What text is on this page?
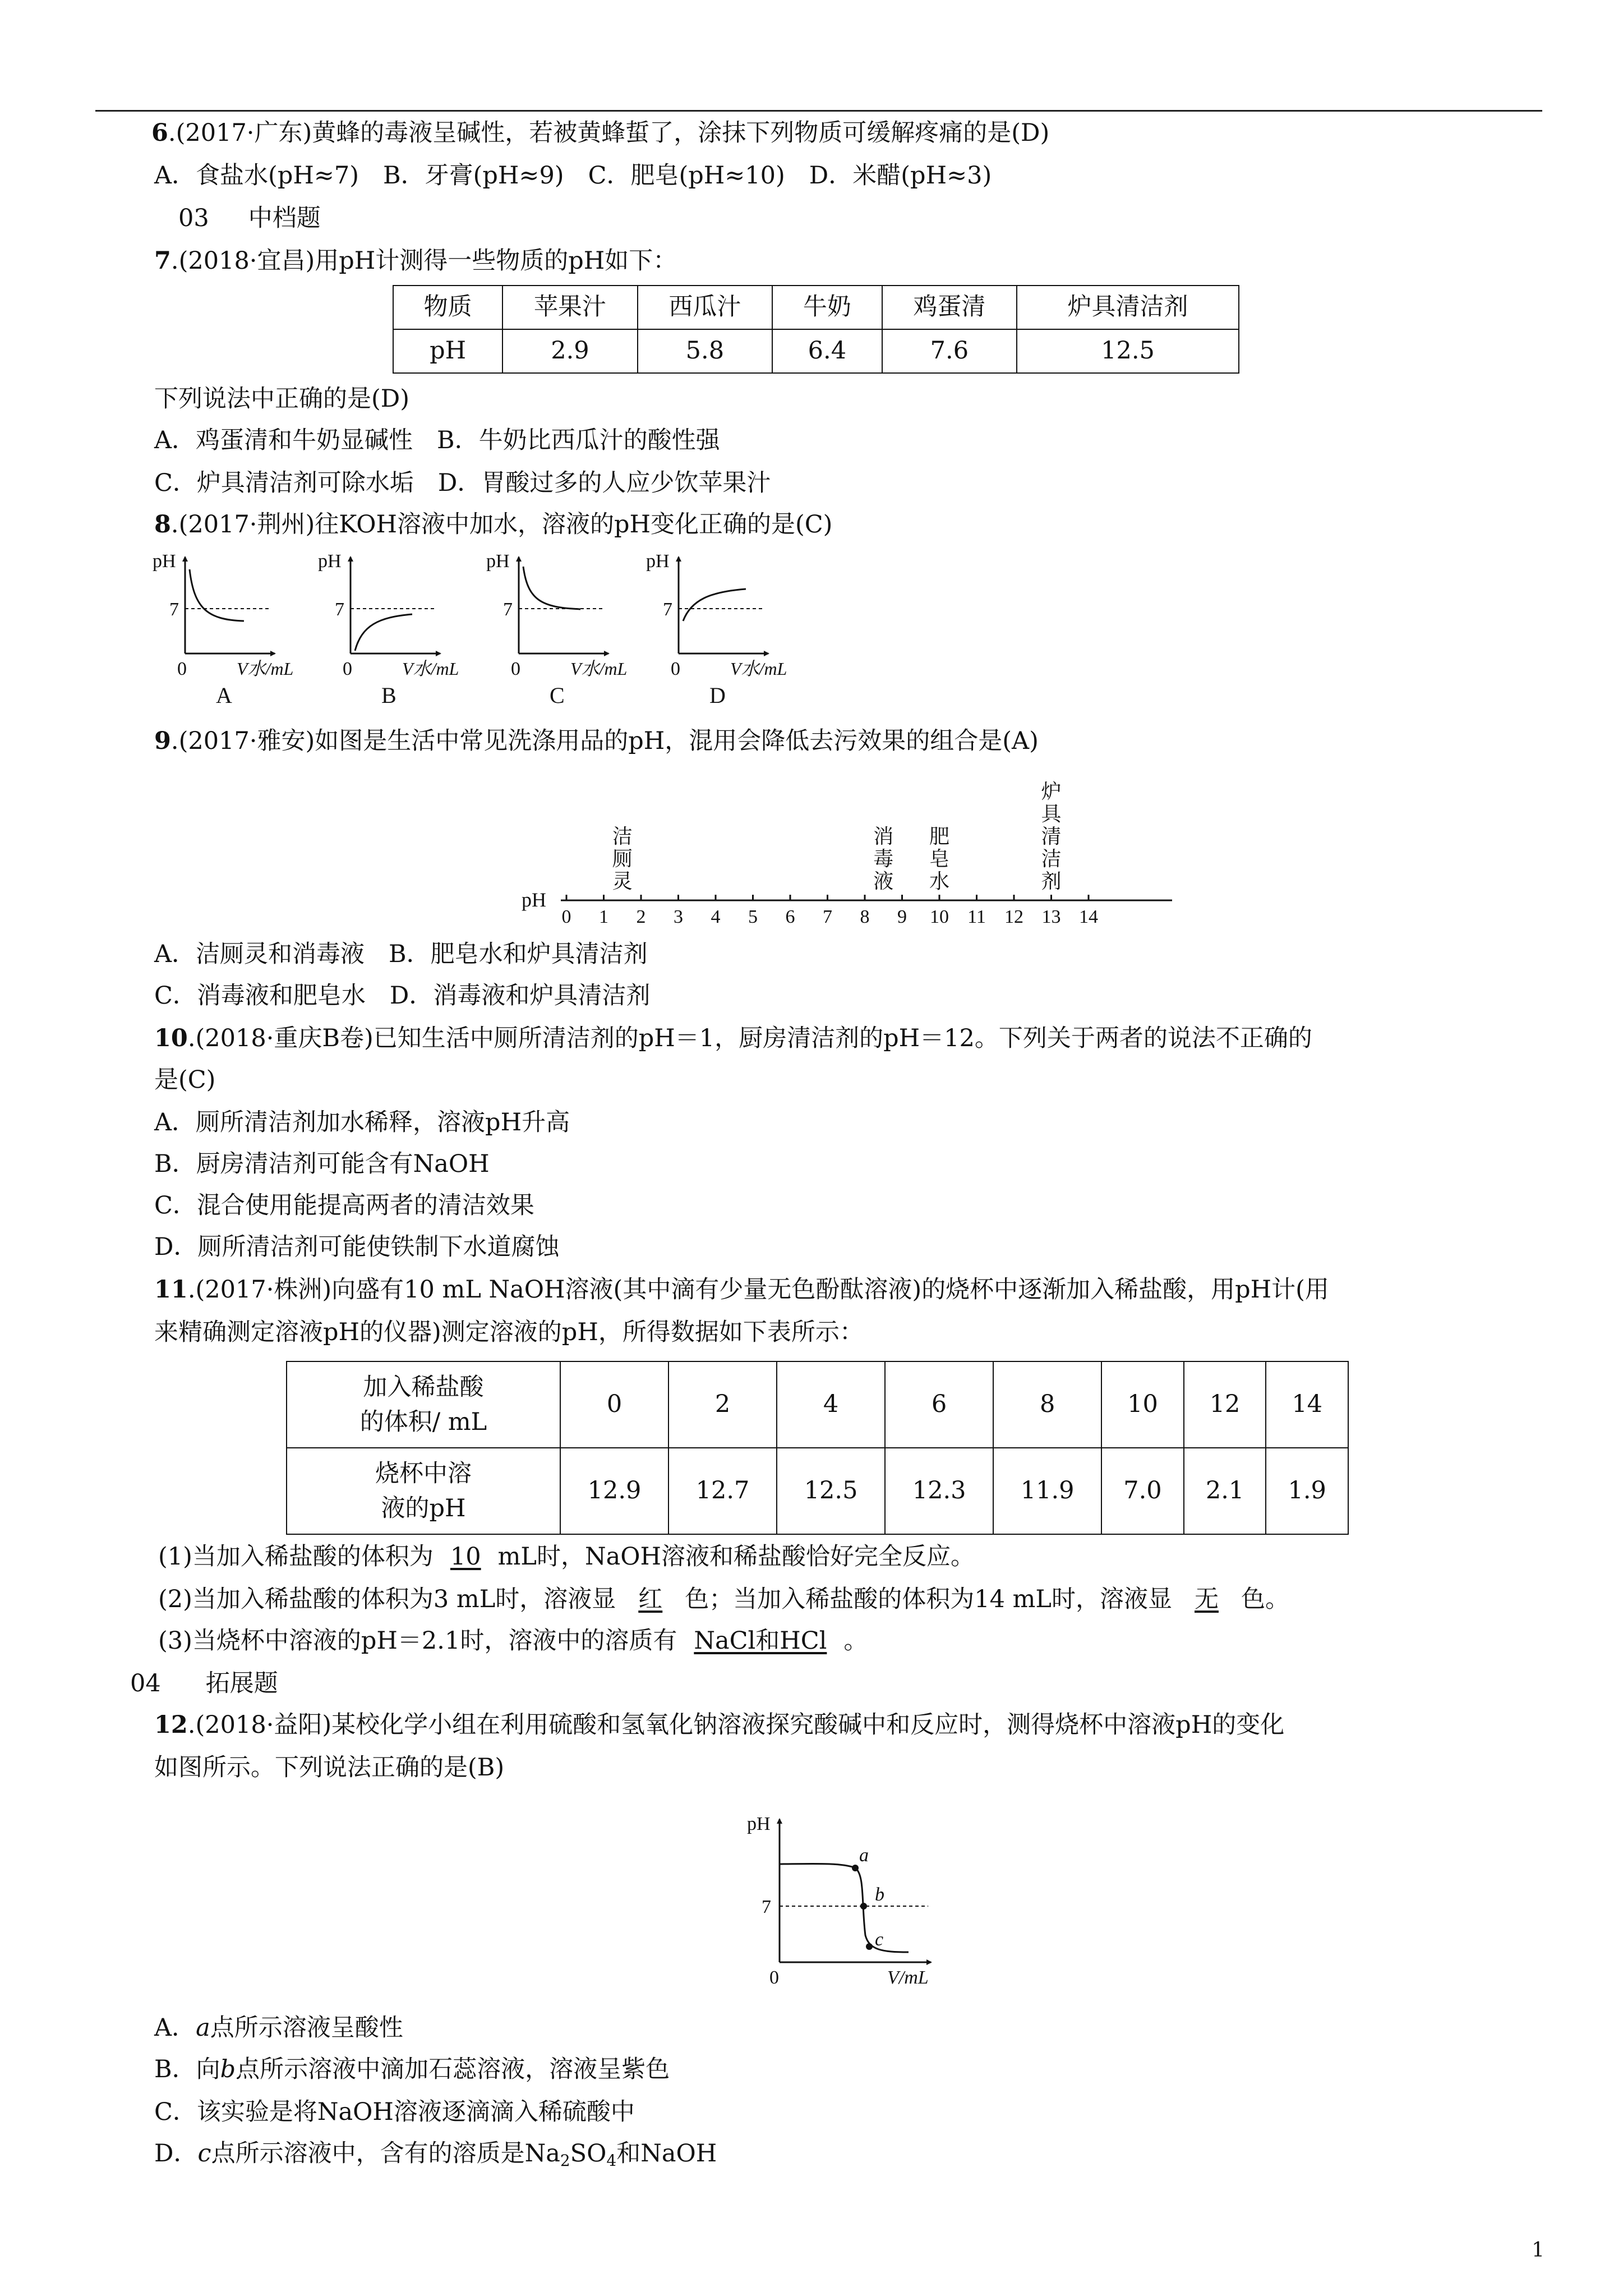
6.(2017·广东)黄蜂的毒液呈碱性，若被黄蜂蜇了，涂抹下列物质可缓解疼痛的是(D)
A．食盐水(pH≈7)　B．牙膏(pH≈9)　C．肥皂(pH≈10)　D．米醋(pH≈3)
03 中档题
7.(2018·宜昌)用pH计测得一些物质的pH如下：
物质	苹果汁	西瓜汁	牛奶	鸡蛋清	炉具清洁剂
pH	2.9	5.8	6.4	7.6	12.5
下列说法中正确的是(D)
A．鸡蛋清和牛奶显碱性　B．牛奶比西瓜汁的酸性强
C．炉具清洁剂可除水垢　D．胃酸过多的人应少饮苹果汁
8.(2017·荆州)往KOH溶液中加水，溶液的pH变化正确的是(C)
pH
7
0	V水/mL
A
pH
7
0	V水/mL
B
pH
7
0	V水/mL
C
pH
7
0	V水/mL
D
9.(2017·雅安)如图是生活中常见洗涤用品的pH，混用会降低去污效果的组合是(A)
pH
0 1 2 3 4 5 6 7 8 9 10 11 12 13 14
洁
厕
灵
消
毒
液
肥
皂
水
炉
具
清
洁
剂
A．洁厕灵和消毒液　B．肥皂水和炉具清洁剂
C．消毒液和肥皂水　D．消毒液和炉具清洁剂
10.(2018·重庆B卷)已知生活中厕所清洁剂的pH＝1，厨房清洁剂的pH＝12。下列关于两者的说法不正确的
是(C)
A．厕所清洁剂加水稀释，溶液pH升高
B．厨房清洁剂可能含有NaOH
C．混合使用能提高两者的清洁效果
D．厕所清洁剂可能使铁制下水道腐蚀
11.(2017·株洲)向盛有10 mL NaOH溶液(其中滴有少量无色酚酞溶液)的烧杯中逐渐加入稀盐酸，用pH计(用
来精确测定溶液pH的仪器)测定溶液的pH，所得数据如下表所示：
加入稀盐酸
的体积/ mL	0	2	4	6	8	10	12	14
烧杯中溶
液的pH	12.9	12.7	12.5	12.3	11.9	7.0	2.1	1.9
(1)当加入稀盐酸的体积为 10 mL时，NaOH溶液和稀盐酸恰好完全反应。
(2)当加入稀盐酸的体积为3 mL时，溶液显 红 色；当加入稀盐酸的体积为14 mL时，溶液显 无 色。
(3)当烧杯中溶液的pH＝2.1时，溶液中的溶质有 NaCl和HCl 。
04 拓展题
12.(2018·益阳)某校化学小组在利用硫酸和氢氧化钠溶液探究酸碱中和反应时，测得烧杯中溶液pH的变化
如图所示。下列说法正确的是(B)
a
b
c
pH
7
0	V/mL
A．a点所示溶液呈酸性
B．向b点所示溶液中滴加石蕊溶液，溶液呈紫色
C．该实验是将NaOH溶液逐滴滴入稀硫酸中
D．c点所示溶液中，含有的溶质是$Na_2SO_4$和NaOH
1
